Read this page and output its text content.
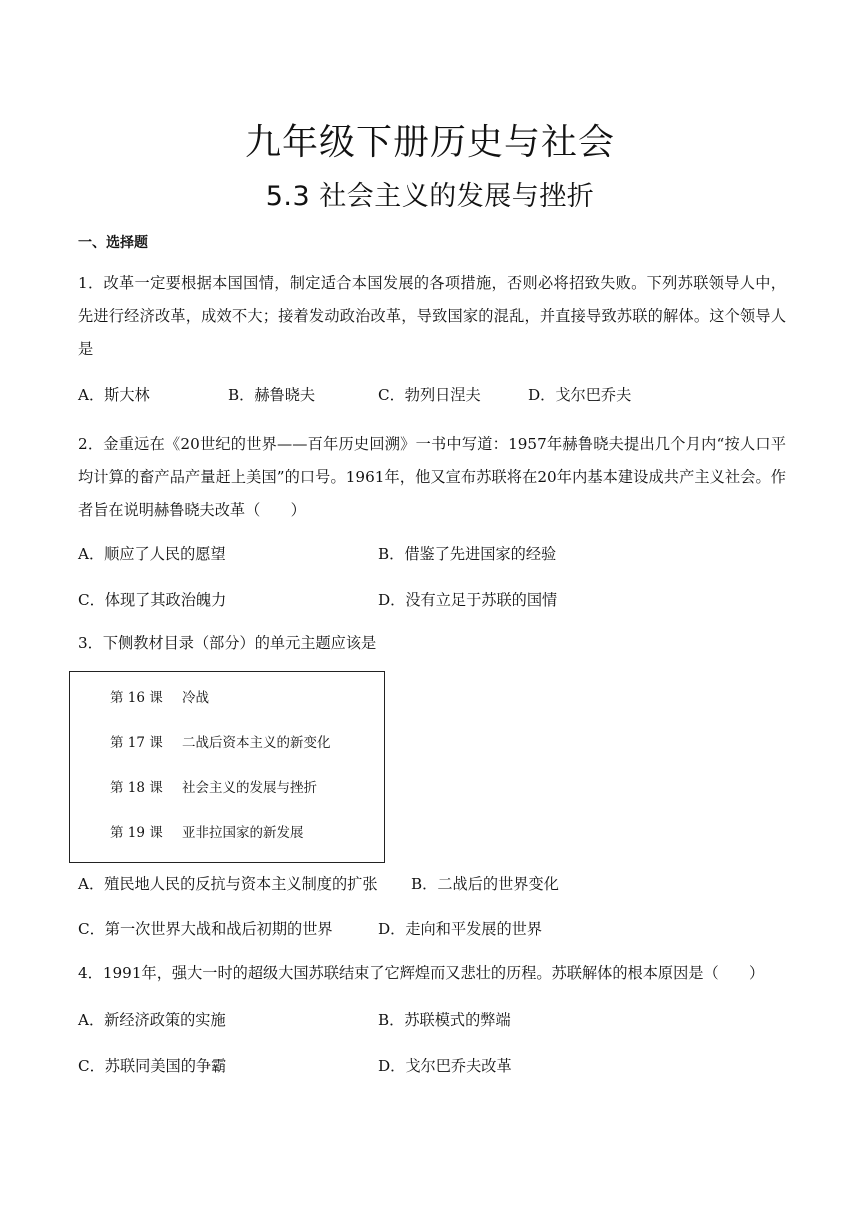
九年级下册历史与社会
5.3 社会主义的发展与挫折
一、选择题
1．改革一定要根据本国国情，制定适合本国发展的各项措施，否则必将招致失败。下列苏联领导人中，先进行经济改革，成效不大；接着发动政治改革，导致国家的混乱，并直接导致苏联的解体。这个领导人是
A．斯大林	B．赫鲁晓夫	C．勃列日涅夫	D．戈尔巴乔夫
2．金重远在《20世纪的世界——百年历史回溯》一书中写道：1957年赫鲁晓夫提出几个月内“按人口平均计算的畜产品产量赶上美国”的口号。1961年，他又宣布苏联将在20年内基本建设成共产主义社会。作者旨在说明赫鲁晓夫改革（　　）
A．顺应了人民的愿望	B．借鉴了先进国家的经验
C．体现了其政治魄力	D．没有立足于苏联的国情
3．下侧教材目录（部分）的单元主题应该是
第 16 课 冷战
第 17 课 二战后资本主义的新变化
第 18 课 社会主义的发展与挫折
第 19 课 亚非拉国家的新发展
A．殖民地人民的反抗与资本主义制度的扩张 B．二战后的世界变化
C．第一次世界大战和战后初期的世界	D．走向和平发展的世界
4．1991年，强大一时的超级大国苏联结束了它辉煌而又悲壮的历程。苏联解体的根本原因是（　　）
A．新经济政策的实施	B．苏联模式的弊端
C．苏联同美国的争霸	D．戈尔巴乔夫改革
